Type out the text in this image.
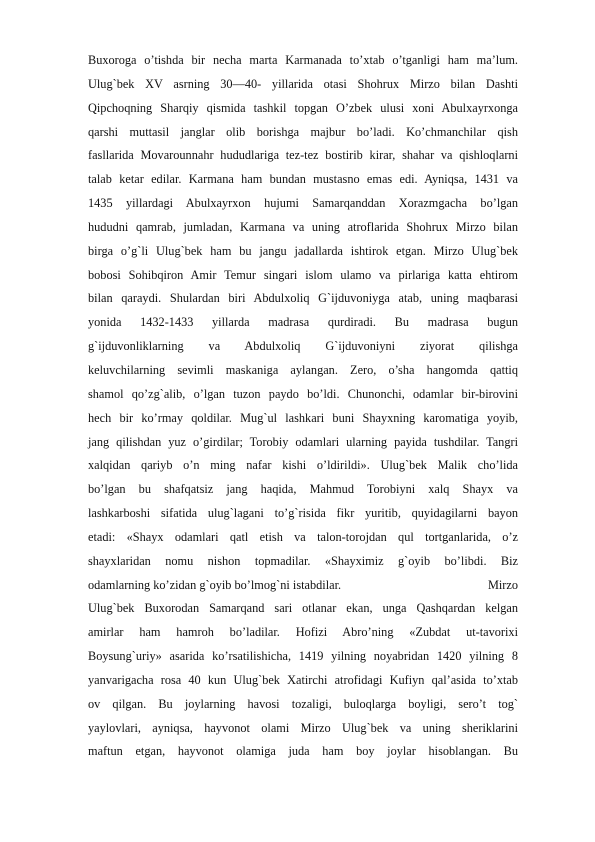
Buxoroga o’tishda bir necha marta Karmanada to’xtab o’tganligi ham ma’lum.
Ulug`bek XV asrning 30—40- yillarida otasi Shohrux Mirzo bilan Dashti
Qipchoqning Sharqiy qismida tashkil topgan O’zbek ulusi xoni Abulxayrxonga
qarshi muttasil janglar olib borishga majbur bo’ladi. Ko’chmanchilar qish
fasllarida Movarounnahr hududlariga tez-tez bostirib kirar, shahar va qishloqlarni
talab ketar edilar. Karmana ham bundan mustasno emas edi. Ayniqsa, 1431 va
1435 yillardagi Abulxayrxon hujumi Samarqanddan Xorazmgacha bo’lgan
hududni qamrab, jumladan, Karmana va uning atroflarida Shohrux Mirzo bilan
birga o’g`li Ulug`bek ham bu jangu jadallarda ishtirok etgan. Mirzo Ulug`bek
bobosi Sohibqiron Amir Temur singari islom ulamo va pirlariga katta ehtirom
bilan qaraydi. Shulardan biri Abdulxoliq G`ijduvoniyga atab, uning maqbarasi
yonida 1432-1433 yillarda madrasa qurdiradi. Bu madrasa bugun
g`ijduvonliklarning va Abdulxoliq G`ijduvoniyni ziyorat qilishga
keluvchilarning sevimli maskaniga aylangan. Zero, o’sha hangomda qattiq
shamol qo’zg`alib, o’lgan tuzon paydo bo’ldi. Chunonchi, odamlar bir-birovini
hech bir ko’rmay qoldilar. Mug`ul lashkari buni Shayxning karomatiga yoyib,
jang qilishdan yuz o’girdilar; Torobiy odamlari ularning payida tushdilar. Tangri
xalqidan qariyb o’n ming nafar kishi o’ldirildi». Ulug`bek Malik cho’lida
bo’lgan bu shafqatsiz jang haqida, Mahmud Torobiyni xalq Shayx va
lashkarboshi sifatida ulug`lagani to’g`risida fikr yuritib, quyidagilarni bayon
etadi: «Shayx odamlari qatl etish va talon-torojdan qul tortganlarida, o’z
shayxlaridan nomu nishon topmadilar. «Shayximiz g`oyib bo’libdi. Biz
odamlarning ko’zidan g`oyib bo’lmog`ni istabdilar.	Mirzo
Ulug`bek Buxorodan Samarqand sari otlanar ekan, unga Qashqardan kelgan
amirlar ham hamroh bo’ladilar. Hofizi Abro’ning «Zubdat ut-tavorixi
Boysung`uriy» asarida ko’rsatilishicha, 1419 yilning noyabridan 1420 yilning 8
yanvarigacha rosa 40 kun Ulug`bek Xatirchi atrofidagi Kufiyn qal’asida to’xtab
ov qilgan. Bu joylarning havosi tozaligi, buloqlarga boyligi, sero’t tog`
yaylovlari, ayniqsa, hayvonot olami Mirzo Ulug`bek va uning sheriklarini
maftun etgan, hayvonot olamiga juda ham boy joylar hisoblangan. Bu
